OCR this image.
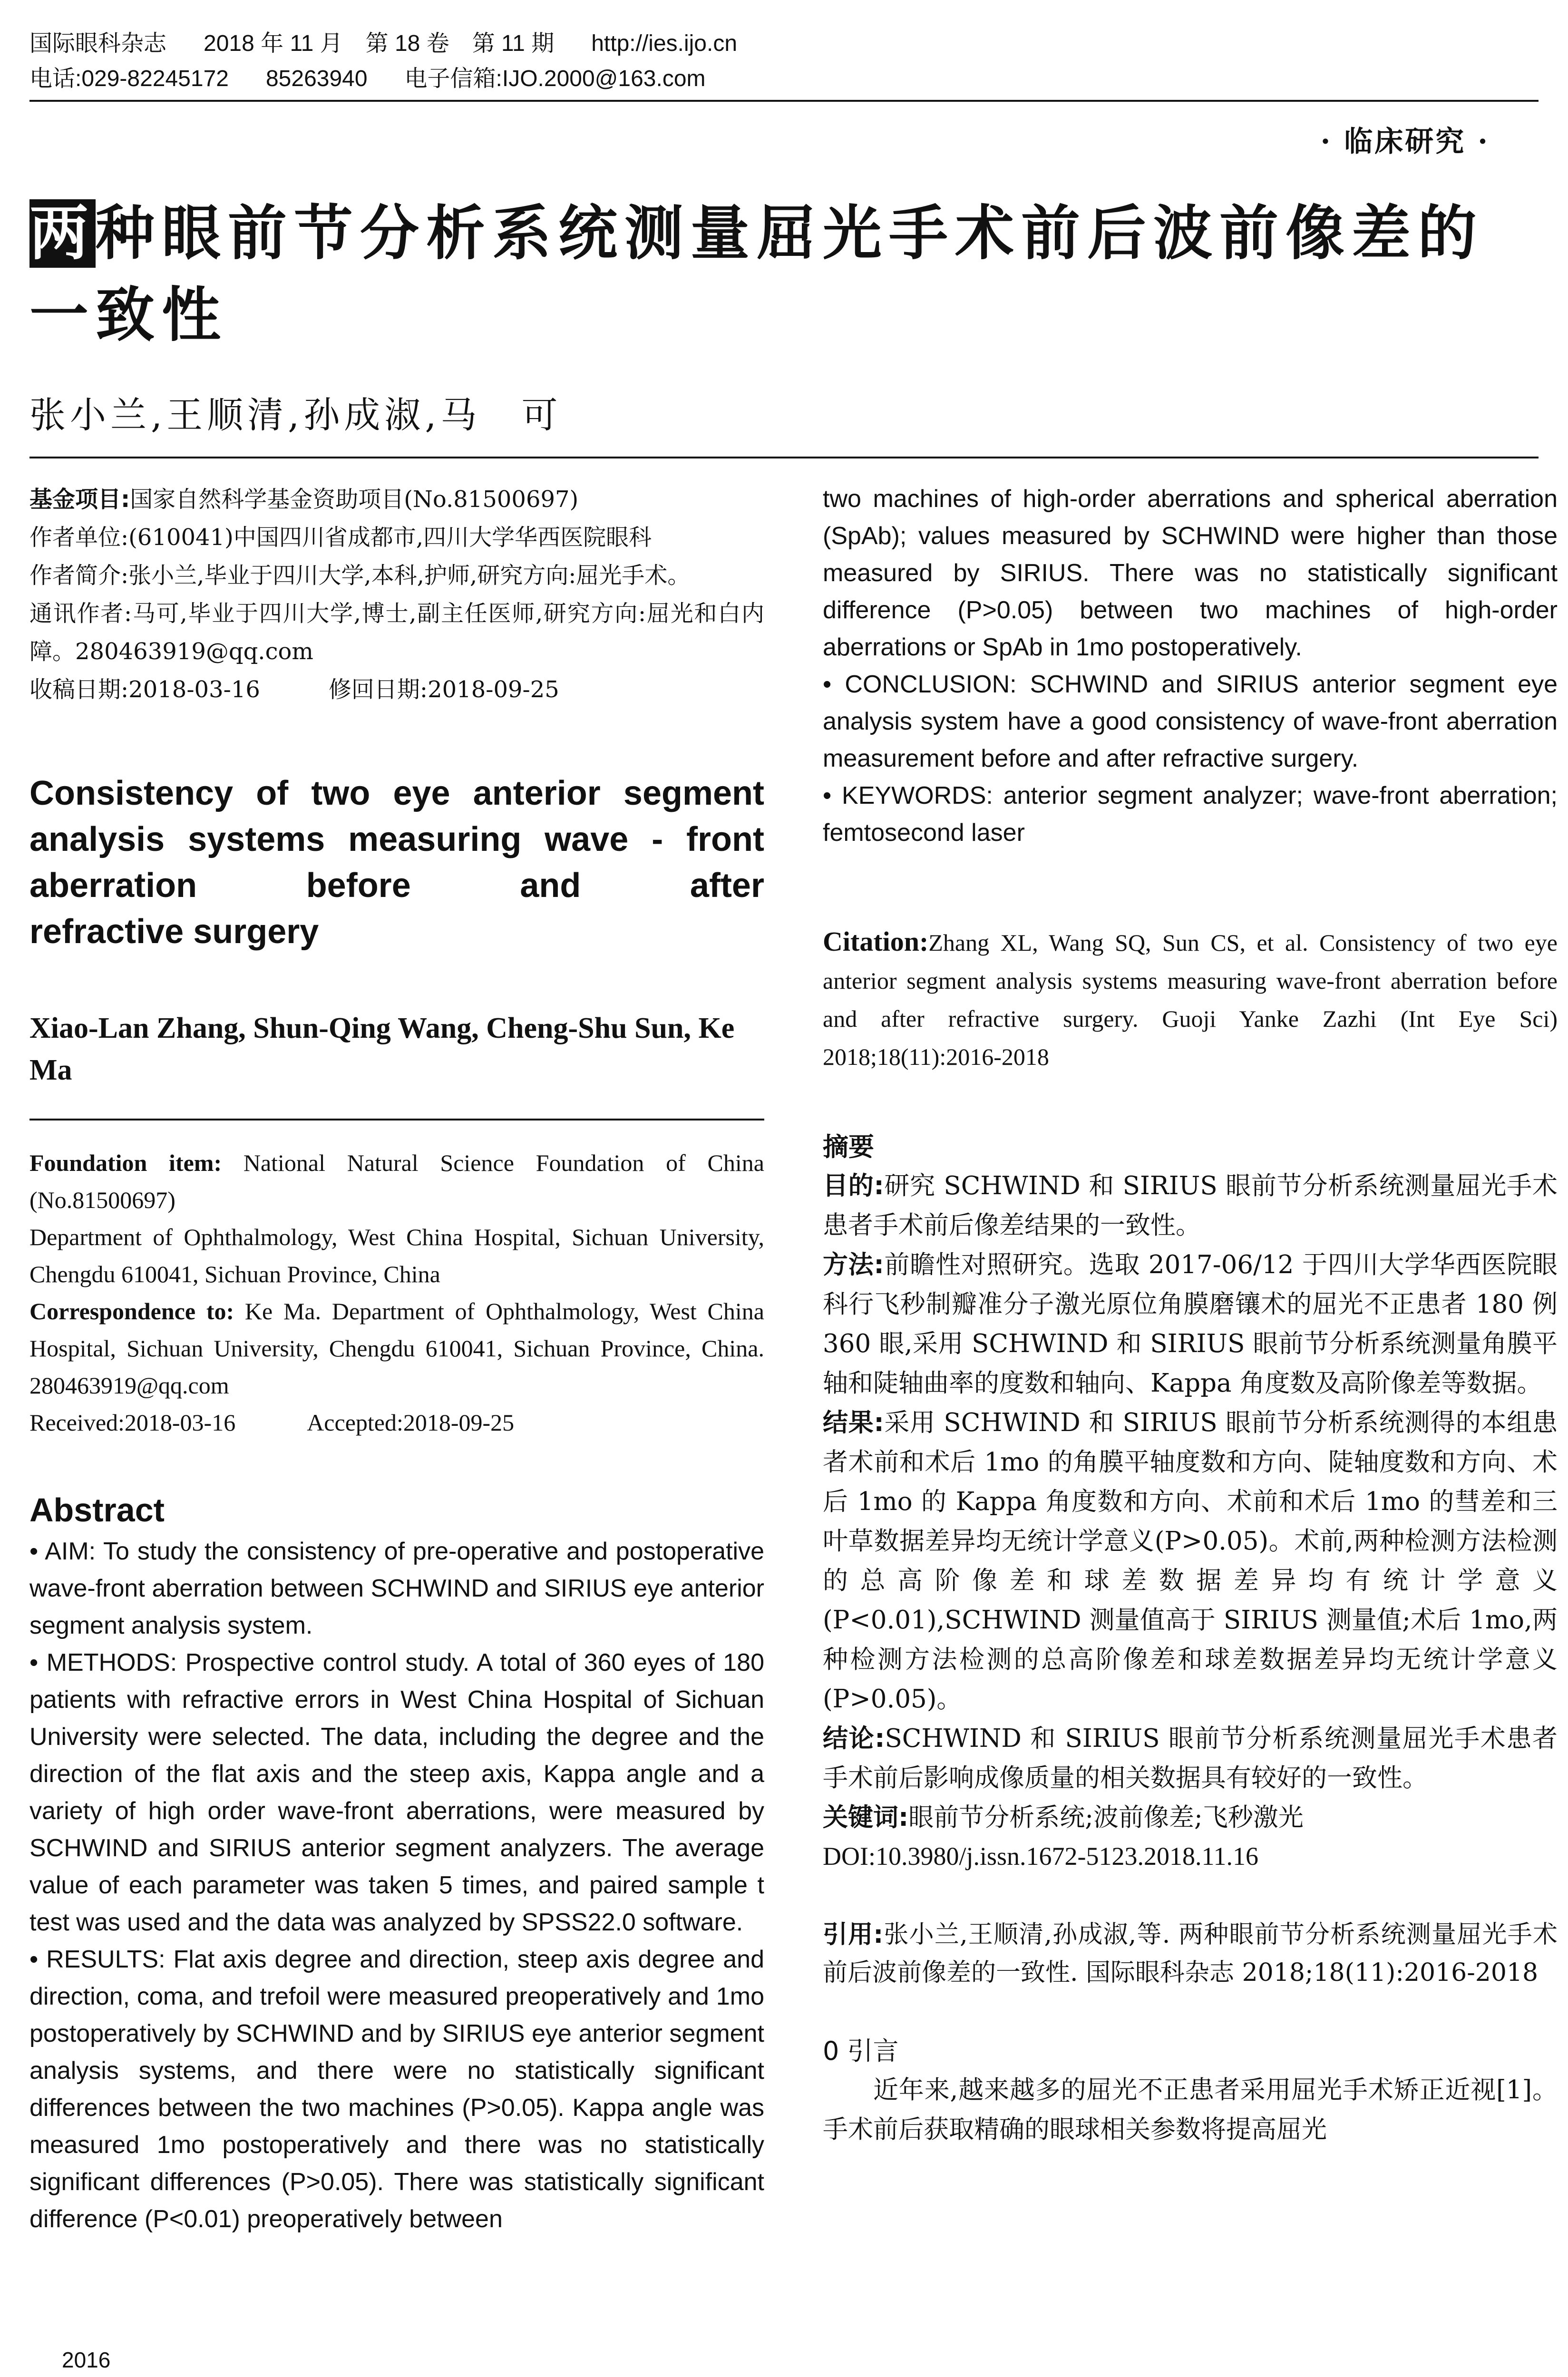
国际眼科杂志 2018 年 11 月　第 18 卷　第 11 期 http://ies.ijo.cn
电话:029-82245172 85263940 电子信箱:IJO.2000@163.com
· 临床研究 ·
两种眼前节分析系统测量屈光手术前后波前像差的一致性
张小兰,王顺清,孙成淑,马　可

基金项目:国家自然科学基金资助项目(No.81500697)

作者单位:(610041)中国四川省成都市,四川大学华西医院眼科

作者简介:张小兰,毕业于四川大学,本科,护师,研究方向:屈光手术。

通讯作者:马可,毕业于四川大学,博士,副主任医师,研究方向:屈光和白内障。280463919@qq.com

收稿日期:2018-03-16　　　修回日期:2018-09-25

Consistency of two eye anterior segment analysis systems measuring wave - front aberration before and after

refractive surgery

Xiao-Lan Zhang, Shun-Qing Wang, Cheng-Shu Sun, Ke Ma

Foundation item: National Natural Science Foundation of China (No.81500697)

Department of Ophthalmology, West China Hospital, Sichuan University, Chengdu 610041, Sichuan Province, China

Correspondence to: Ke Ma. Department of Ophthalmology, West China Hospital, Sichuan University, Chengdu 610041, Sichuan Province, China. 280463919@qq.com

Received:2018-03-16　　　Accepted:2018-09-25

Abstract

• AIM: To study the consistency of pre-operative and postoperative wave-front aberration between SCHWIND and SIRIUS eye anterior segment analysis system.

• METHODS: Prospective control study. A total of 360 eyes of 180 patients with refractive errors in West China Hospital of Sichuan University were selected. The data, including the degree and the direction of the flat axis and the steep axis, Kappa angle and a variety of high order wave-front aberrations, were measured by SCHWIND and SIRIUS anterior segment analyzers. The average value of each parameter was taken 5 times, and paired sample t test was used and the data was analyzed by SPSS22.0 software.

• RESULTS: Flat axis degree and direction, steep axis degree and direction, coma, and trefoil were measured preoperatively and 1mo postoperatively by SCHWIND and by SIRIUS eye anterior segment analysis systems, and there were no statistically significant differences between the two machines (P>0.05). Kappa angle was measured 1mo postoperatively and there was no statistically significant differences (P>0.05). There was statistically significant difference (P<0.01) preoperatively between

two machines of high-order aberrations and spherical aberration (SpAb); values measured by SCHWIND were higher than those measured by SIRIUS. There was no statistically significant difference (P>0.05) between two machines of high-order aberrations or SpAb in 1mo postoperatively.

• CONCLUSION: SCHWIND and SIRIUS anterior segment eye analysis system have a good consistency of wave-front aberration measurement before and after refractive surgery.

• KEYWORDS: anterior segment analyzer; wave-front aberration; femtosecond laser

Citation:Zhang XL, Wang SQ, Sun CS, et al. Consistency of two eye anterior segment analysis systems measuring wave-front aberration before and after refractive surgery. Guoji Yanke Zazhi (Int Eye Sci) 2018;18(11):2016-2018

摘要

目的:研究 SCHWIND 和 SIRIUS 眼前节分析系统测量屈光手术患者手术前后像差结果的一致性。

方法:前瞻性对照研究。选取 2017-06/12 于四川大学华西医院眼科行飞秒制瓣准分子激光原位角膜磨镶术的屈光不正患者 180 例 360 眼,采用 SCHWIND 和 SIRIUS 眼前节分析系统测量角膜平轴和陡轴曲率的度数和轴向、Kappa 角度数及高阶像差等数据。

结果:采用 SCHWIND 和 SIRIUS 眼前节分析系统测得的本组患者术前和术后 1mo 的角膜平轴度数和方向、陡轴度数和方向、术后 1mo 的 Kappa 角度数和方向、术前和术后 1mo 的彗差和三叶草数据差异均无统计学意义(P>0.05)。术前,两种检测方法检测的总高阶像差和球差数据差异均有统计学意义(P<0.01),SCHWIND 测量值高于 SIRIUS 测量值;术后 1mo,两种检测方法检测的总高阶像差和球差数据差异均无统计学意义(P>0.05)。

结论:SCHWIND 和 SIRIUS 眼前节分析系统测量屈光手术患者手术前后影响成像质量的相关数据具有较好的一致性。

关键词:眼前节分析系统;波前像差;飞秒激光

DOI:10.3980/j.issn.1672-5123.2018.11.16

引用:张小兰,王顺清,孙成淑,等. 两种眼前节分析系统测量屈光手术前后波前像差的一致性. 国际眼科杂志 2018;18(11):2016-2018

0 引言

近年来,越来越多的屈光不正患者采用屈光手术矫正近视[1]。手术前后获取精确的眼球相关参数将提高屈光

2016
